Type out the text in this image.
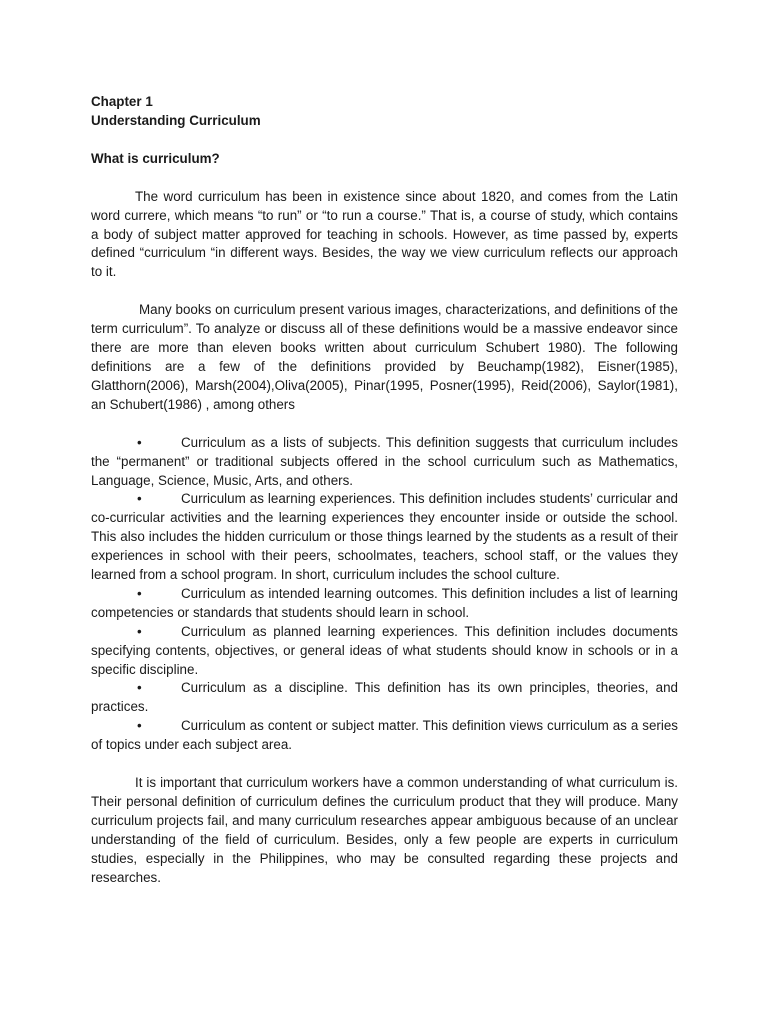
Chapter 1
Understanding Curriculum
What is curriculum?

The word curriculum has been in existence since about 1820, and comes from the Latin word currere, which means “to run” or “to run a course.” That is, a course of study, which contains a body of subject matter approved for teaching in schools. However, as time passed by, experts defined “curriculum “in different ways. Besides, the way we view curriculum reflects our approach to it.

Many books on curriculum present various images, characterizations, and definitions of the term curriculum”. To analyze or discuss all of these definitions would be a massive endeavor since there are more than eleven books written about curriculum Schubert 1980). The following definitions are a few of the definitions provided by Beuchamp(1982), Eisner(1985), Glatthorn(2006), Marsh(2004),Oliva(2005), Pinar(1995, Posner(1995), Reid(2006), Saylor(1981), an Schubert(1986) , among others

•	Curriculum as a lists of subjects. This definition suggests that curriculum includes the “permanent” or traditional subjects offered in the school curriculum such as Mathematics, Language, Science, Music, Arts, and others.
•	Curriculum as learning experiences. This definition includes students’ curricular and co-curricular activities and the learning experiences they encounter inside or outside the school. This also includes the hidden curriculum or those things learned by the students as a result of their experiences in school with their peers, schoolmates, teachers, school staff, or the values they learned from a school program. In short, curriculum includes the school culture.
•	Curriculum as intended learning outcomes. This definition includes a list of learning competencies or standards that students should learn in school.
•	Curriculum as planned learning experiences. This definition includes documents specifying contents, objectives, or general ideas of what students should know in schools or in a specific discipline.
•	Curriculum as a discipline. This definition has its own principles, theories, and practices.
•	Curriculum as content or subject matter. This definition views curriculum as a series of topics under each subject area.

It is important that curriculum workers have a common understanding of what curriculum is. Their personal definition of curriculum defines the curriculum product that they will produce. Many curriculum projects fail, and many curriculum researches appear ambiguous because of an unclear understanding of the field of curriculum. Besides, only a few people are experts in curriculum studies, especially in the Philippines, who may be consulted regarding these projects and researches.
